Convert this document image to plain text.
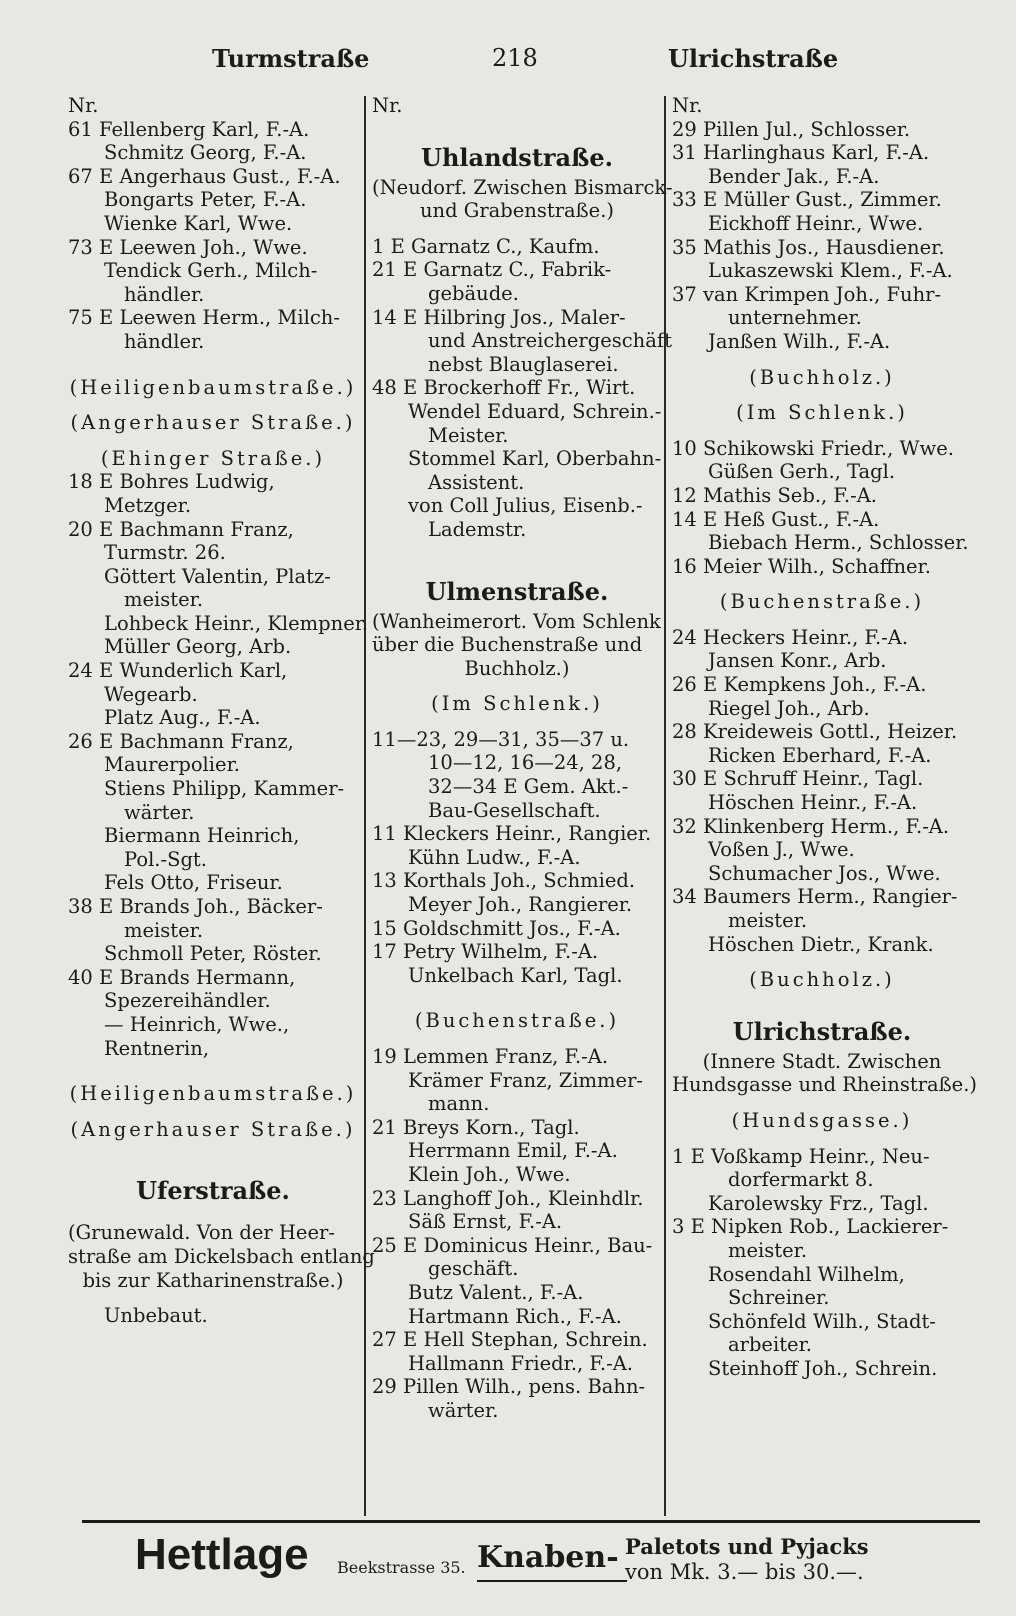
Turmstraße	218	Ulrichstraße
Nr.
61 Fellenberg Karl, F.-A.
Schmitz Georg, F.-A.
67 E Angerhaus Gust., F.-A.
Bongarts Peter, F.-A.
Wienke Karl, Wwe.
73 E Leewen Joh., Wwe.
Tendick Gerh., Milch-
händler.
75 E Leewen Herm., Milch-
händler.
(Heiligenbaumstraße.)
(Angerhauser Straße.)
(Ehinger Straße.)
18 E Bohres Ludwig,
Metzger.
20 E Bachmann Franz,
Turmstr. 26.
Göttert Valentin, Platz-
meister.
Lohbeck Heinr., Klempner.
Müller Georg, Arb.
24 E Wunderlich Karl,
Wegearb.
Platz Aug., F.-A.
26 E Bachmann Franz,
Maurerpolier.
Stiens Philipp, Kammer-
wärter.
Biermann Heinrich,
Pol.-Sgt.
Fels Otto, Friseur.
38 E Brands Joh., Bäcker-
meister.
Schmoll Peter, Röster.
40 E Brands Hermann,
Spezereihändler.
— Heinrich, Wwe.,
Rentnerin,
(Heiligenbaumstraße.)
(Angerhauser Straße.)
Uferstraße.
(Grunewald. Von der Heer-
straße am Dickelsbach entlang
bis zur Katharinenstraße.)
Unbebaut.
Nr.
Uhlandstraße.
(Neudorf. Zwischen Bismarck-
und Grabenstraße.)
1 E Garnatz C., Kaufm.
21 E Garnatz C., Fabrik-
gebäude.
14 E Hilbring Jos., Maler-
und Anstreichergeschäft
nebst Blauglaserei.
48 E Brockerhoff Fr., Wirt.
Wendel Eduard, Schrein.-
Meister.
Stommel Karl, Oberbahn-
Assistent.
von Coll Julius, Eisenb.-
Lademstr.
Ulmenstraße.
(Wanheimerort. Vom Schlenk
über die Buchenstraße und
Buchholz.)
(Im Schlenk.)
11—23, 29—31, 35—37 u.
10—12, 16—24, 28,
32—34 E Gem. Akt.-
Bau-Gesellschaft.
11 Kleckers Heinr., Rangier.
Kühn Ludw., F.-A.
13 Korthals Joh., Schmied.
Meyer Joh., Rangierer.
15 Goldschmitt Jos., F.-A.
17 Petry Wilhelm, F.-A.
Unkelbach Karl, Tagl.
(Buchenstraße.)
19 Lemmen Franz, F.-A.
Krämer Franz, Zimmer-
mann.
21 Breys Korn., Tagl.
Herrmann Emil, F.-A.
Klein Joh., Wwe.
23 Langhoff Joh., Kleinhdlr.
Säß Ernst, F.-A.
25 E Dominicus Heinr., Bau-
geschäft.
Butz Valent., F.-A.
Hartmann Rich., F.-A.
27 E Hell Stephan, Schrein.
Hallmann Friedr., F.-A.
29 Pillen Wilh., pens. Bahn-
wärter.
Nr.
29 Pillen Jul., Schlosser.
31 Harlinghaus Karl, F.-A.
Bender Jak., F.-A.
33 E Müller Gust., Zimmer.
Eickhoff Heinr., Wwe.
35 Mathis Jos., Hausdiener.
Lukaszewski Klem., F.-A.
37 van Krimpen Joh., Fuhr-
unternehmer.
Janßen Wilh., F.-A.
(Buchholz.)
(Im Schlenk.)
10 Schikowski Friedr., Wwe.
Güßen Gerh., Tagl.
12 Mathis Seb., F.-A.
14 E Heß Gust., F.-A.
Biebach Herm., Schlosser.
16 Meier Wilh., Schaffner.
(Buchenstraße.)
24 Heckers Heinr., F.-A.
Jansen Konr., Arb.
26 E Kempkens Joh., F.-A.
Riegel Joh., Arb.
28 Kreideweis Gottl., Heizer.
Ricken Eberhard, F.-A.
30 E Schruff Heinr., Tagl.
Höschen Heinr., F.-A.
32 Klinkenberg Herm., F.-A.
Voßen J., Wwe.
Schumacher Jos., Wwe.
34 Baumers Herm., Rangier-
meister.
Höschen Dietr., Krank.
(Buchholz.)
Ulrichstraße.
(Innere Stadt. Zwischen
Hundsgasse und Rheinstraße.)
(Hundsgasse.)
1 E Voßkamp Heinr., Neu-
dorfermarkt 8.
Karolewsky Frz., Tagl.
3 E Nipken Rob., Lackierer-
meister.
Rosendahl Wilhelm,
Schreiner.
Schönfeld Wilh., Stadt-
arbeiter.
Steinhoff Joh., Schrein.
Hettlage Beekstrasse 35. Knaben- Paletots und Pyjacks
von Mk. 3.— bis 30.—.
